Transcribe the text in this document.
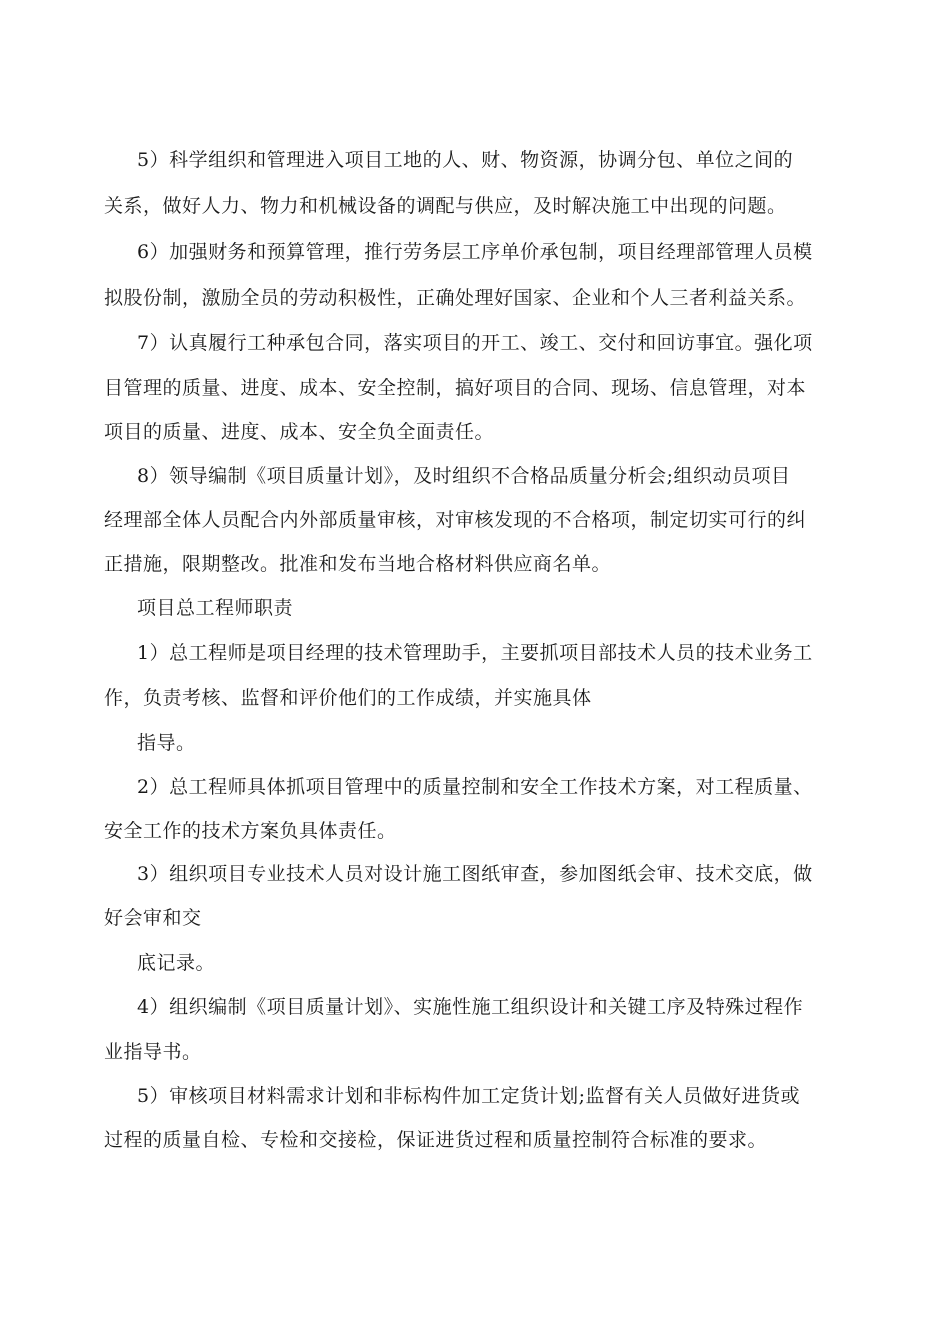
5）科学组织和管理进入项目工地的人、财、物资源，协调分包、单位之间的
关系，做好人力、物力和机械设备的调配与供应，及时解决施工中出现的问题。
6）加强财务和预算管理，推行劳务层工序单价承包制，项目经理部管理人员模
拟股份制，激励全员的劳动积极性，正确处理好国家、企业和个人三者利益关系。
7）认真履行工种承包合同，落实项目的开工、竣工、交付和回访事宜。强化项
目管理的质量、进度、成本、安全控制，搞好项目的合同、现场、信息管理，对本
项目的质量、进度、成本、安全负全面责任。
8）领导编制《项目质量计划》，及时组织不合格品质量分析会;组织动员项目
经理部全体人员配合内外部质量审核，对审核发现的不合格项，制定切实可行的纠
正措施，限期整改。批准和发布当地合格材料供应商名单。
项目总工程师职责
1）总工程师是项目经理的技术管理助手，主要抓项目部技术人员的技术业务工
作，负责考核、监督和评价他们的工作成绩，并实施具体
指导。
2）总工程师具体抓项目管理中的质量控制和安全工作技术方案，对工程质量、
安全工作的技术方案负具体责任。
3）组织项目专业技术人员对设计施工图纸审查，参加图纸会审、技术交底，做
好会审和交
底记录。
4）组织编制《项目质量计划》、实施性施工组织设计和关键工序及特殊过程作
业指导书。
5）审核项目材料需求计划和非标构件加工定货计划;监督有关人员做好进货或
过程的质量自检、专检和交接检，保证进货过程和质量控制符合标准的要求。
